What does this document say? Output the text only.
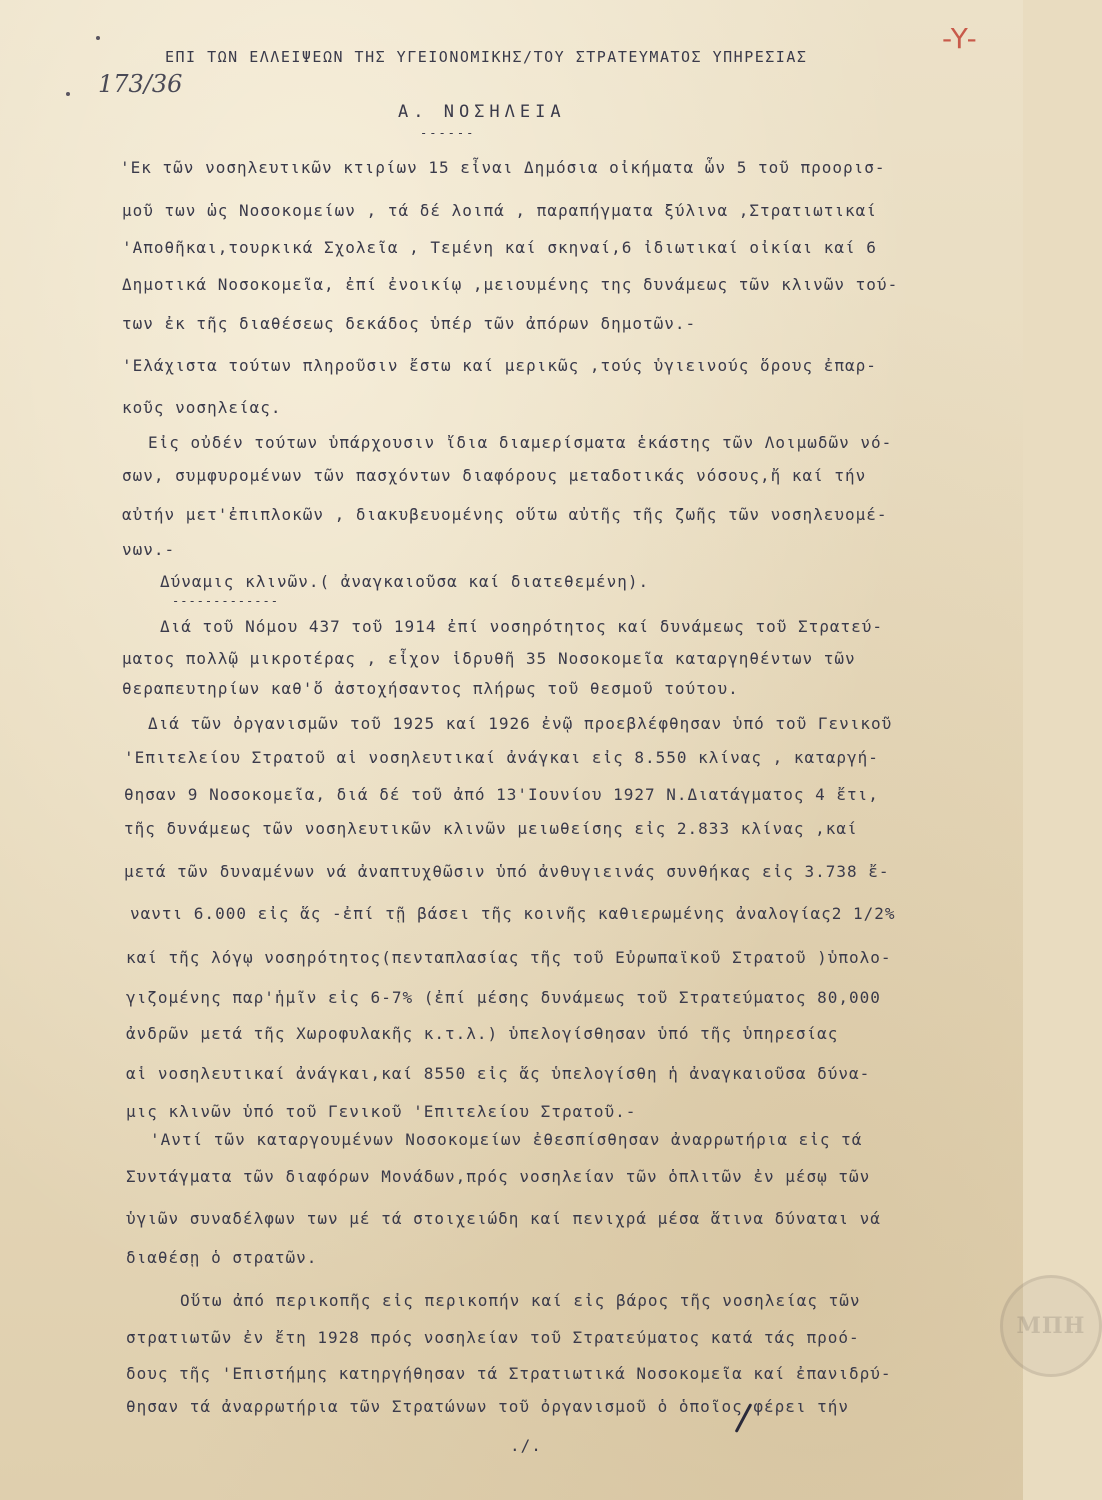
-Y-
173/36
ΕΠΙ ΤΩΝ ΕΛΛΕΙΨΕΩΝ ΤΗΣ ΥΓΕΙΟΝΟΜΙΚΗΣ/ΤΟΥ ΣΤΡΑΤΕΥΜΑΤΟΣ ΥΠΗΡΕΣΙΑΣ
Α. ΝΟΣΗΛΕΙΑ
------
'Εκ τῶν νοσηλευτικῶν κτιρίων 15 εἶναι Δημόσια οἰκήματα ὧν 5 τοῦ προορισ-
μοῦ των ὡς Νοσοκομείων , τά δέ λοιπά , παραπήγματα ξύλινα ,Στρατιωτικαί
'Αποθῆκαι,τουρκικά Σχολεῖα , Τεμένη καί σκηναί,6 ἰδιωτικαί οἰκίαι καί 6
Δημοτικά Νοσοκομεῖα, ἐπί ἐνοικίῳ ,μειουμένης της δυνάμεως τῶν κλινῶν τού-
των ἐκ τῆς διαθέσεως δεκάδος ὑπέρ τῶν ἀπόρων δημοτῶν.-
'Ελάχιστα τούτων πληροῦσιν ἔστω καί μερικῶς ,τούς ὑγιεινούς ὅρους ἐπαρ-
κοῦς νοσηλείας.
Εἰς οὐδέν τούτων ὑπάρχουσιν ἴδια διαμερίσματα ἑκάστης τῶν Λοιμωδῶν νό-
σων, συμφυρομένων τῶν πασχόντων διαφόρους μεταδοτικάς νόσους,ἤ καί τήν
αὐτήν μετ'ἐπιπλοκῶν , διακυβευομένης οὕτω αὐτῆς τῆς ζωῆς τῶν νοσηλευομέ-
νων.-
Δύναμις κλινῶν.( ἀναγκαιοῦσα καί διατεθεμένη).
-------------
Διά τοῦ Νόμου 437 τοῦ 1914 ἐπί νοσηρότητος καί δυνάμεως τοῦ Στρατεύ-
ματος πολλῷ μικροτέρας , εἶχον ἱδρυθῆ 35 Νοσοκομεῖα καταργηθέντων τῶν
θεραπευτηρίων καθ'ὅ ἀστοχήσαντος πλήρως τοῦ θεσμοῦ τούτου.
Διά τῶν ὀργανισμῶν τοῦ 1925 καί 1926 ἐνῷ προεβλέφθησαν ὑπό τοῦ Γενικοῦ
'Επιτελείου Στρατοῦ αἱ νοσηλευτικαί ἀνάγκαι εἰς 8.550 κλίνας , καταργή-
θησαν 9 Νοσοκομεῖα, διά δέ τοῦ ἀπό 13'Ιουνίου 1927 Ν.Διατάγματος 4 ἔτι,
τῆς δυνάμεως τῶν νοσηλευτικῶν κλινῶν μειωθείσης εἰς 2.833 κλίνας ,καί
μετά τῶν δυναμένων νά ἀναπτυχθῶσιν ὑπό ἀνθυγιεινάς συνθήκας εἰς 3.738 ἔ-
ναντι 6.000 εἰς ἅς -ἐπί τῇ βάσει τῆς κοινῆς καθιερωμένης ἀναλογίας2 1/2%
καί τῆς λόγῳ νοσηρότητος(πενταπλασίας τῆς τοῦ Εὐρωπαϊκοῦ Στρατοῦ )ὑπολο-
γιζομένης παρ'ἡμῖν εἰς 6-7% (ἐπί μέσης δυνάμεως τοῦ Στρατεύματος 80,000
ἀνδρῶν μετά τῆς Χωροφυλακῆς κ.τ.λ.) ὑπελογίσθησαν ὑπό τῆς ὑπηρεσίας
αἱ νοσηλευτικαί ἀνάγκαι,καί 8550 εἰς ἅς ὑπελογίσθη ἡ ἀναγκαιοῦσα δύνα-
μις κλινῶν ὑπό τοῦ Γενικοῦ 'Επιτελείου Στρατοῦ.-
'Αντί τῶν καταργουμένων Νοσοκομείων ἐθεσπίσθησαν ἀναρρωτήρια εἰς τά
Συντάγματα τῶν διαφόρων Μονάδων,πρός νοσηλείαν τῶν ὁπλιτῶν ἐν μέσῳ τῶν
ὑγιῶν συναδέλφων των μέ τά στοιχειώδη καί πενιχρά μέσα ἅτινα δύναται νά
διαθέσῃ ὁ στρατῶν.
Οὕτω ἀπό περικοπῆς εἰς περικοπήν καί εἰς βάρος τῆς νοσηλείας τῶν
στρατιωτῶν ἐν ἔτη 1928 πρός νοσηλείαν τοῦ Στρατεύματος κατά τάς προό-
δους τῆς 'Επιστήμης κατηργήθησαν τά Στρατιωτικά Νοσοκομεῖα καί ἐπανιδρύ-
θησαν τά ἀναρρωτήρια τῶν Στρατώνων τοῦ ὀργανισμοῦ ὁ ὁποῖος φέρει τήν
./.
ΜΠΗ
